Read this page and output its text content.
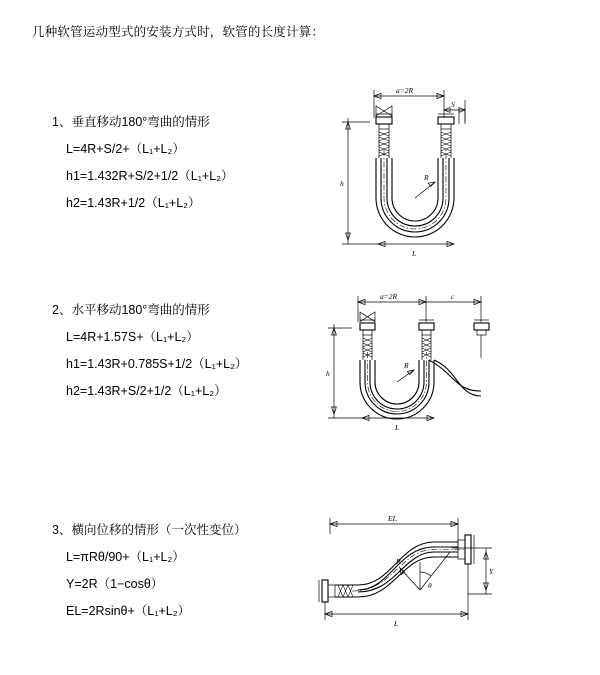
几种软管运动型式的安装方式时，软管的长度计算：
1、垂直移动180°弯曲的情形
L=4R+S/2+（L₁+L₂）
h1=1.432R+S/2+1/2（L₁+L₂）
h2=1.43R+1/2（L₁+L₂）
a=2R
S
h
R
L
2、水平移动180°弯曲的情形
L=4R+1.57S+（L₁+L₂）
h1=1.43R+0.785S+1/2（L₁+L₂）
h2=1.43R+S/2+1/2（L₁+L₂）
a=2R	c
h
R
L
3、横向位移的情形（一次性变位）
L=πRθ/90+（L₁+L₂）
Y=2R（1−cosθ）
EL=2Rsinθ+（L₁+L₂）
EL
Y
θ
R
L
